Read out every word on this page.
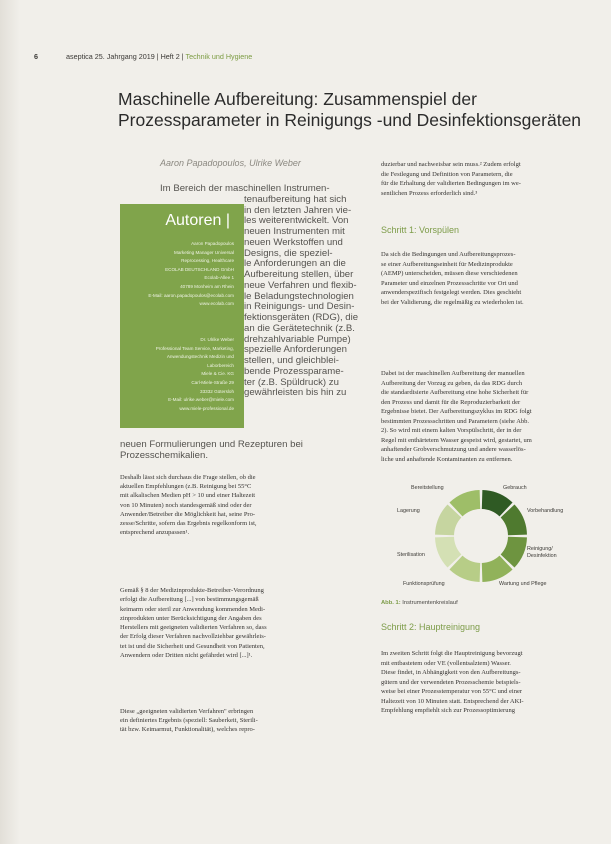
6	aseptica 25. Jahrgang 2019 | Heft 2 | Technik und Hygiene
Maschinelle Aufbereitung: Zusammenspiel der
Prozessparameter in Reinigungs -und Desinfektionsgeräten
Aaron Papadopoulos, Ulrike Weber
Autoren |
Aaron Papadopoulos
Marketing Manager Universal
Reprocessing, Healthcare
ECOLAB DEUTSCHLAND GmbH
Ecolab-Allee 1
40789 Monheim am Rhein
E-Mail: aaron.papadopoulos@ecolab.com
www.ecolab.com
Dr. Ulrike Weber
Professional Team Service, Marketing,
Anwendungstechnik Medizin und
Laborbereich
Miele & Cie. KG
Carl-Miele-Straße 29
33332 Gütersloh
E-Mail: ulrike.weber@miele.com
www.miele-professional.de
Im Bereich der maschinellen Instrumen-
tenaufbereitung hat sich
in den letzten Jahren vie-
les weiterentwickelt. Von
neuen Instrumenten mit
neuen Werkstoffen und
Designs, die speziel-
le Anforderungen an die
Aufbereitung stellen, über
neue Verfahren und flexib-
le Beladungstechnologien
in Reinigungs- und Desin-
fektionsgeräten (RDG), die
an die Gerätetechnik (z.B.
drehzahlvariable Pumpe)
spezielle Anforderungen
stellen, und gleichblei-
bende Prozessparame-
ter (z.B. Spüldruck) zu
gewährleisten bis hin zu
neuen Formulierungen und Rezepturen bei
Prozesschemikalien.
Deshalb lässt sich durchaus die Frage stellen, ob die
aktuellen Empfehlungen (z.B. Reinigung bei 55°C
mit alkalischen Medien pH > 10 und einer Haltezeit
von 10 Minuten) noch standesgemäß sind oder der
Anwender/Betreiber die Möglichkeit hat, seine Pro-
zesse/Schritte, sofern das Ergebnis regelkonform ist,
entsprechend anzupassen¹.
Gemäß § 8 der Medizinprodukte-Betreiber-Verordnung
erfolgt die Aufbereitung [...] von bestimmungsgemäß
keimarm oder steril zur Anwendung kommenden Medi-
zinprodukten unter Berücksichtigung der Angaben des
Herstellers mit geeigneten validierten Verfahren so, dass
der Erfolg dieser Verfahren nachvollziehbar gewährleis-
tet ist und die Sicherheit und Gesundheit von Patienten,
Anwendern oder Dritten nicht gefährdet wird [...]¹.
Diese „geeigneten validierten Verfahren" erbringen
ein definiertes Ergebnis (speziell: Sauberkeit, Sterili-
tät bzw. Keimarmut, Funktionalität), welches repro-
duzierbar und nachweisbar sein muss.² Zudem erfolgt
die Festlegung und Definition von Parametern, die
für die Erhaltung der validierten Bedingungen im we-
sentlichen Prozess erforderlich sind.³
Schritt 1: Vorspülen
Da sich die Bedingungen und Aufbereitungsprozes-
se einer Aufbereitungseinheit für Medizinprodukte
(AEMP) unterscheiden, müssen diese verschiedenen
Parameter und einzelnen Prozessschritte vor Ort und
anwenderspezifisch festgelegt werden. Dies geschieht
bei der Validierung, die regelmäßig zu wiederholen ist.
Dabei ist der maschinellen Aufbereitung der manuellen
Aufbereitung der Vorzug zu geben, da das RDG durch
die standardisierte Aufbereitung eine hohe Sicherheit für
den Prozess und damit für die Reproduzierbarkeit der
Ergebnisse bietet. Der Aufbereitungszyklus im RDG folgt
bestimmten Prozessschritten und Parametern (siehe Abb.
2). So wird mit einem kalten Vorspülschritt, der in der
Regel mit enthärtetem Wasser gespeist wird, gestartet, um
anhaftender Grobverschmutzung und andere wasserlös-
liche und anhaftende Kontaminanten zu entfernen.
Bereitstellung	Gebrauch
Lagerung	Vorbehandlung
Sterilisation
Reinigung/ Desinfektion
Funktionsprüfung	Wartung und Pflege
Abb. 1: Instrumentenkreislauf
Schritt 2: Hauptreinigung
Im zweiten Schritt folgt die Hauptreinigung bevorzugt
mit entbastetem oder VE (vollentsalztem) Wasser.
Diese findet, in Abhängigkeit von den Aufbereitungs-
gütern und der verwendeten Prozesschemie beispiels-
weise bei einer Prozesstemperatur von 55°C und einer
Haltezeit von 10 Minuten statt. Entsprechend der AKI-
Empfehlung empfiehlt sich zur Prozessoptimierung
